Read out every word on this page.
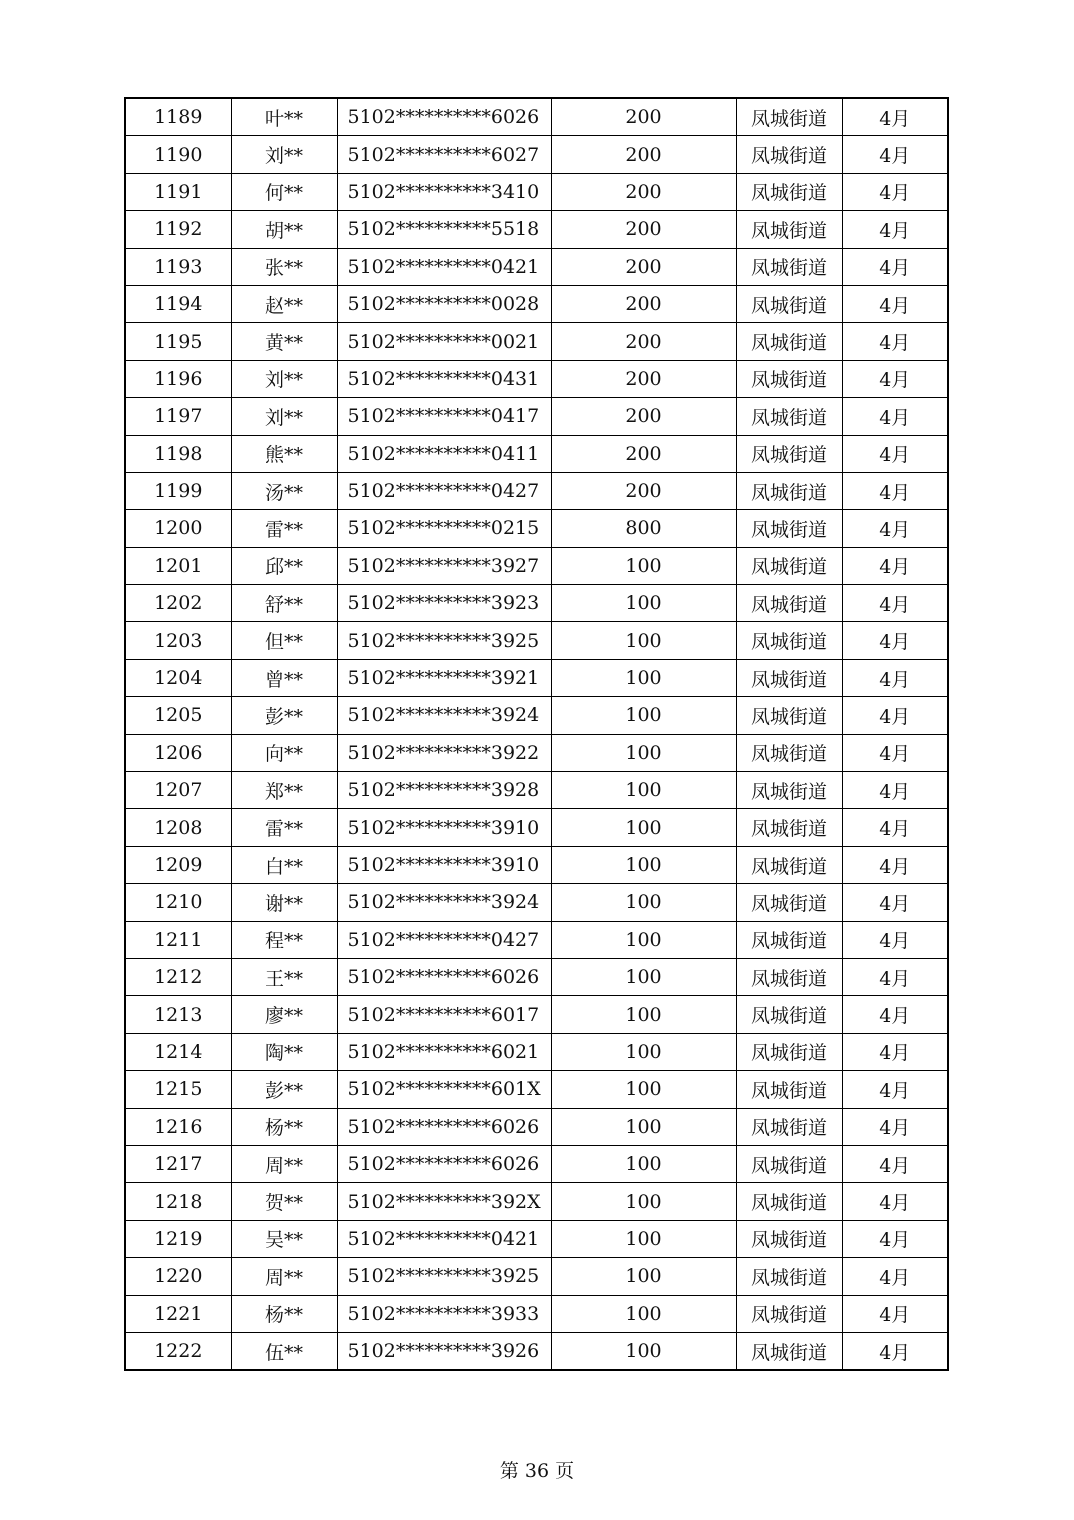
1189	叶**	5102**********6026	200	凤城街道	4月
1190	刘**	5102**********6027	200	凤城街道	4月
1191	何**	5102**********3410	200	凤城街道	4月
1192	胡**	5102**********5518	200	凤城街道	4月
1193	张**	5102**********0421	200	凤城街道	4月
1194	赵**	5102**********0028	200	凤城街道	4月
1195	黄**	5102**********0021	200	凤城街道	4月
1196	刘**	5102**********0431	200	凤城街道	4月
1197	刘**	5102**********0417	200	凤城街道	4月
1198	熊**	5102**********0411	200	凤城街道	4月
1199	汤**	5102**********0427	200	凤城街道	4月
1200	雷**	5102**********0215	800	凤城街道	4月
1201	邱**	5102**********3927	100	凤城街道	4月
1202	舒**	5102**********3923	100	凤城街道	4月
1203	但**	5102**********3925	100	凤城街道	4月
1204	曾**	5102**********3921	100	凤城街道	4月
1205	彭**	5102**********3924	100	凤城街道	4月
1206	向**	5102**********3922	100	凤城街道	4月
1207	郑**	5102**********3928	100	凤城街道	4月
1208	雷**	5102**********3910	100	凤城街道	4月
1209	白**	5102**********3910	100	凤城街道	4月
1210	谢**	5102**********3924	100	凤城街道	4月
1211	程**	5102**********0427	100	凤城街道	4月
1212	王**	5102**********6026	100	凤城街道	4月
1213	廖**	5102**********6017	100	凤城街道	4月
1214	陶**	5102**********6021	100	凤城街道	4月
1215	彭**	5102**********601X	100	凤城街道	4月
1216	杨**	5102**********6026	100	凤城街道	4月
1217	周**	5102**********6026	100	凤城街道	4月
1218	贺**	5102**********392X	100	凤城街道	4月
1219	吴**	5102**********0421	100	凤城街道	4月
1220	周**	5102**********3925	100	凤城街道	4月
1221	杨**	5102**********3933	100	凤城街道	4月
1222	伍**	5102**********3926	100	凤城街道	4月
第 36 页
